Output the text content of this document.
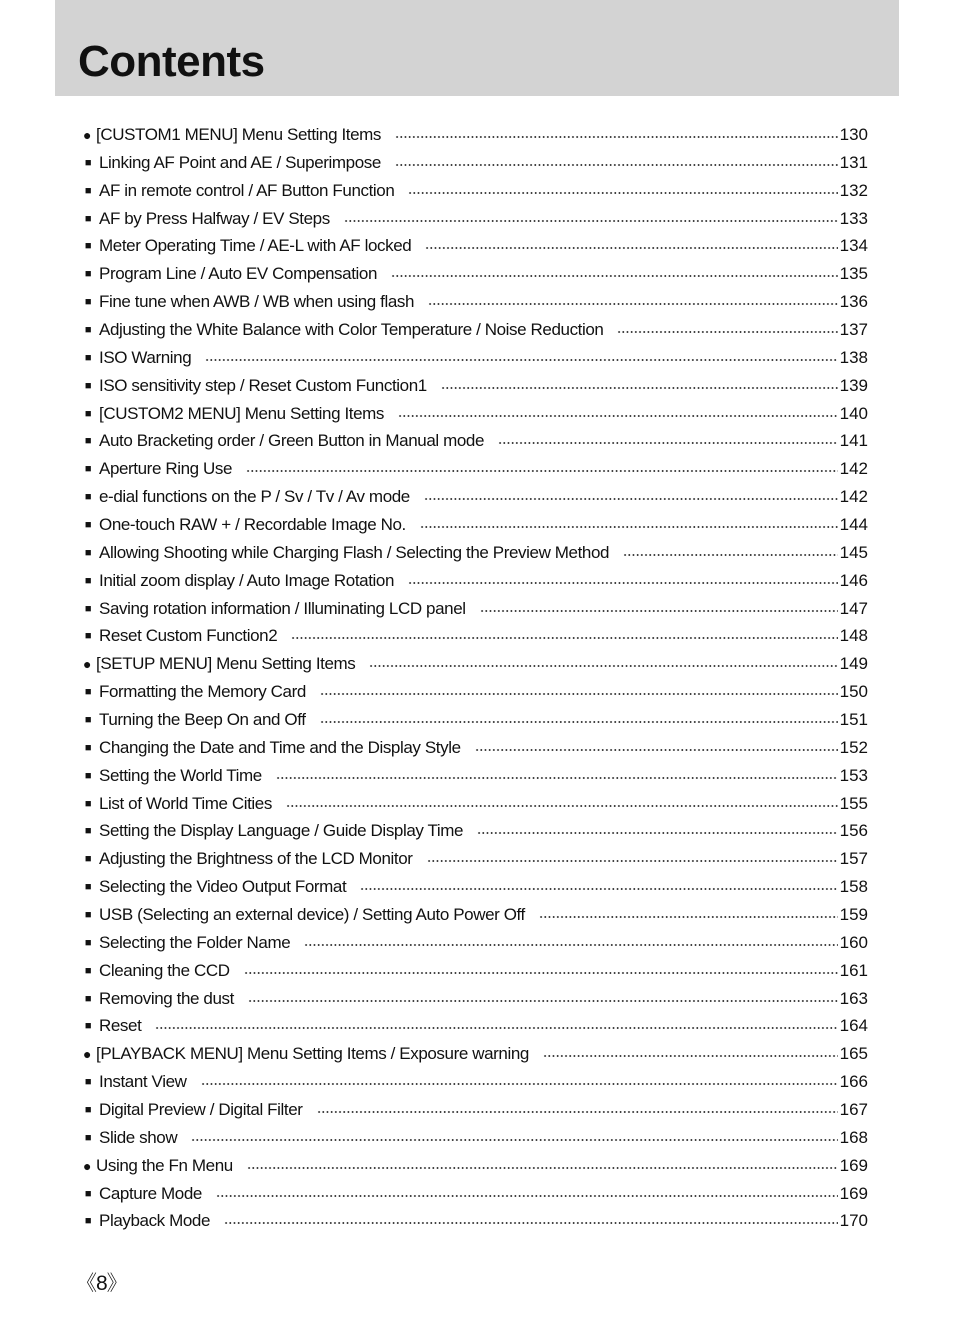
Contents
● [CUSTOM1 MENU] Menu Setting Items	130
■ Linking AF Point and AE / Superimpose	131
■ AF in remote control / AF Button Function	132
■ AF by Press Halfway / EV Steps	133
■ Meter Operating Time / AE-L with AF locked	134
■ Program Line / Auto EV Compensation	135
■ Fine tune when AWB / WB when using flash	136
■ Adjusting the White Balance with Color Temperature / Noise Reduction	137
■ ISO Warning	138
■ ISO sensitivity step / Reset Custom Function1	139
■ [CUSTOM2 MENU] Menu Setting Items	140
■ Auto Bracketing order / Green Button in Manual mode	141
■ Aperture Ring Use	142
■ e-dial functions on the P / Sv / Tv / Av mode	142
■ One-touch RAW + / Recordable Image No.	144
■ Allowing Shooting while Charging Flash / Selecting the Preview Method	145
■ Initial zoom display / Auto Image Rotation	146
■ Saving rotation information / Illuminating LCD panel	147
■ Reset Custom Function2	148
● [SETUP MENU] Menu Setting Items	149
■ Formatting the Memory Card	150
■ Turning the Beep On and Off	151
■ Changing the Date and Time and the Display Style	152
■ Setting the World Time	153
■ List of World Time Cities	155
■ Setting the Display Language / Guide Display Time	156
■ Adjusting the Brightness of the LCD Monitor	157
■ Selecting the Video Output Format	158
■ USB (Selecting an external device) / Setting Auto Power Off	159
■ Selecting the Folder Name	160
■ Cleaning the CCD	161
■ Removing the dust	163
■ Reset	164
● [PLAYBACK MENU] Menu Setting Items / Exposure warning	165
■ Instant View	166
■ Digital Preview / Digital Filter	167
■ Slide show	168
● Using the Fn Menu	169
■ Capture Mode	169
■ Playback Mode	170
《8》
